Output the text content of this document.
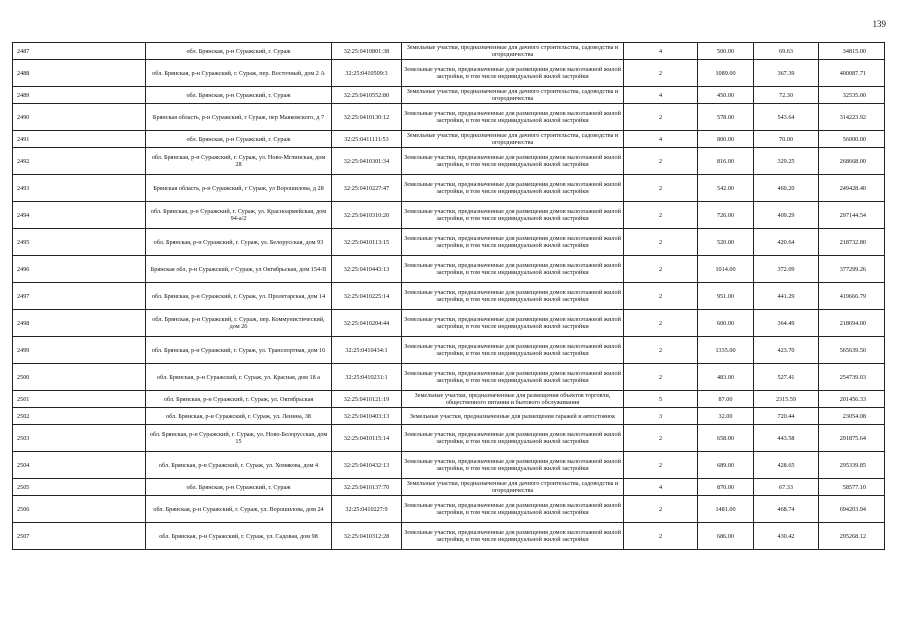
139
2487	обл. Брянская, р-н Суражский, г. Сураж	32:25:0410801:38	Земельные участки, предназначенные для дачного строительства, садоводства и огородничества	4	500.00	69.63	34815.00
2488	обл. Брянская, р-н Суражский, г. Сураж, пер. Восточный, дом 2 А	32:25:0410509:3	Земельные участки, предназначенные для размещения домов малоэтажной жилой застройки, в том числе индивидуальной жилой застройки	2	1089.00	367.39	400087.71
2489	обл. Брянская, р-н Суражский, г. Сураж	32:25:0410552:80	Земельные участки, предназначенные для дачного строительства, садоводства и огородничества	4	450.00	72.30	32535.00
2490	Брянская область, р-н Суражский, г Сураж, пер Маяковского, д 7	32:25:0410130:12	Земельные участки, предназначенные для размещения домов малоэтажной жилой застройки, в том числе индивидуальной жилой застройки	2	578.00	543.64	314223.92
2491	обл. Брянская, р-н Суражский, г. Сураж	32:25:0411111:53	Земельные участки, предназначенные для дачного строительства, садоводства и огородничества	4	800.00	70.00	56000.00
2492	обл. Брянская, р-н Суражский, г. Сураж, ул. Ново-Мглинская, дом 28	32:25:0410301:34	Земельные участки, предназначенные для размещения домов малоэтажной жилой застройки, в том числе индивидуальной жилой застройки	2	816.00	329.25	268668.00
2493	Брянская область, р-н Суражский, г Сураж, ул Ворошилова, д 28	32:25:0410227:47	Земельные участки, предназначенные для размещения домов малоэтажной жилой застройки, в том числе индивидуальной жилой застройки	2	542.00	460.20	249428.40
2494	обл. Брянская, р-н Суражский, г. Сураж, ул. Красноармейская, дом 94-а/2	32:25:0410310:20	Земельные участки, предназначенные для размещения домов малоэтажной жилой застройки, в том числе индивидуальной жилой застройки	2	726.00	409.29	297144.54
2495	обл. Брянская, р-н Суражский, г. Сураж, ул. Белорусская, дом 93	32:25:0410113:15	Земельные участки, предназначенные для размещения домов малоэтажной жилой застройки, в том числе индивидуальной жилой застройки	2	520.00	420.64	218732.80
2496	Брянская обл, р-н Суражский, г Сураж, ул Октябрьская, дом 154-В	32:25:0410443:13	Земельные участки, предназначенные для размещения домов малоэтажной жилой застройки, в том числе индивидуальной жилой застройки	2	1014.00	372.09	377299.26
2497	обл. Брянская, р-н Суражский, г. Сураж, ул. Пролетарская, дом 14	32:25:0410225:14	Земельные участки, предназначенные для размещения домов малоэтажной жилой застройки, в том числе индивидуальной жилой застройки	2	951.00	441.29	419666.79
2498	обл. Брянская, р-н Суражский, г. Сураж, пер. Коммунистический, дом 26	32:25:0410204:44	Земельные участки, предназначенные для размещения домов малоэтажной жилой застройки, в том числе индивидуальной жилой застройки	2	600.00	364.49	218694.00
2499	обл. Брянская, р-н Суражский, г. Сураж, ул. Транспортная, дом 16	32:25:0410434:1	Земельные участки, предназначенные для размещения домов малоэтажной жилой застройки, в том числе индивидуальной жилой застройки	2	1335.00	423.70	565639.50
2500	обл. Брянская, р-н Суражский, г. Сураж, ул. Красная, дом 18 а	32:25:0410231:1	Земельные участки, предназначенные для размещения домов малоэтажной жилой застройки, в том числе индивидуальной жилой застройки	2	483.00	527.41	254739.03
2501	обл. Брянская, р-н Суражский, г. Сураж, ул. Октябрьская	32:25:0410121:19	Земельные участки, предназначенные для размещения объектов торговли, общественного питания и бытового обслуживания	5	87.00	2315.59	201456.33
2502	обл. Брянская, р-н Суражский, г. Сураж, ул. Ленина, 38	32:25:0410403:13	Земельные участки, предназначенные для размещения гаражей и автостоянок	3	32.00	720.44	23054.08
2503	обл. Брянская, р-н Суражский, г. Сураж, ул. Ново-Белорусская, дом 15	32:25:0410115:14	Земельные участки, предназначенные для размещения домов малоэтажной жилой застройки, в том числе индивидуальной жилой застройки	2	658.00	443.58	291875.64
2504	обл. Брянская, р-н Суражский, г. Сураж, ул. Хомякова, дом 4	32:25:0410432:13	Земельные участки, предназначенные для размещения домов малоэтажной жилой застройки, в том числе индивидуальной жилой застройки	2	689.00	428.65	295339.85
2505	обл. Брянская, р-н Суражский, г. Сураж	32:25:0410137:70	Земельные участки, предназначенные для дачного строительства, садоводства и огородничества	4	870.00	67.33	58577.10
2506	обл. Брянская, р-н Суражский, г. Сураж, ул. Ворошилова, дом 24	32:25:0410227:9	Земельные участки, предназначенные для размещения домов малоэтажной жилой застройки, в том числе индивидуальной жилой застройки	2	1481.00	468.74	694203.94
2507	обл. Брянская, р-н Суражский, г. Сураж, ул. Садовая, дом 98	32:25:0410312:28	Земельные участки, предназначенные для размещения домов малоэтажной жилой застройки, в том числе индивидуальной жилой застройки	2	686.00	430.42	295268.12
